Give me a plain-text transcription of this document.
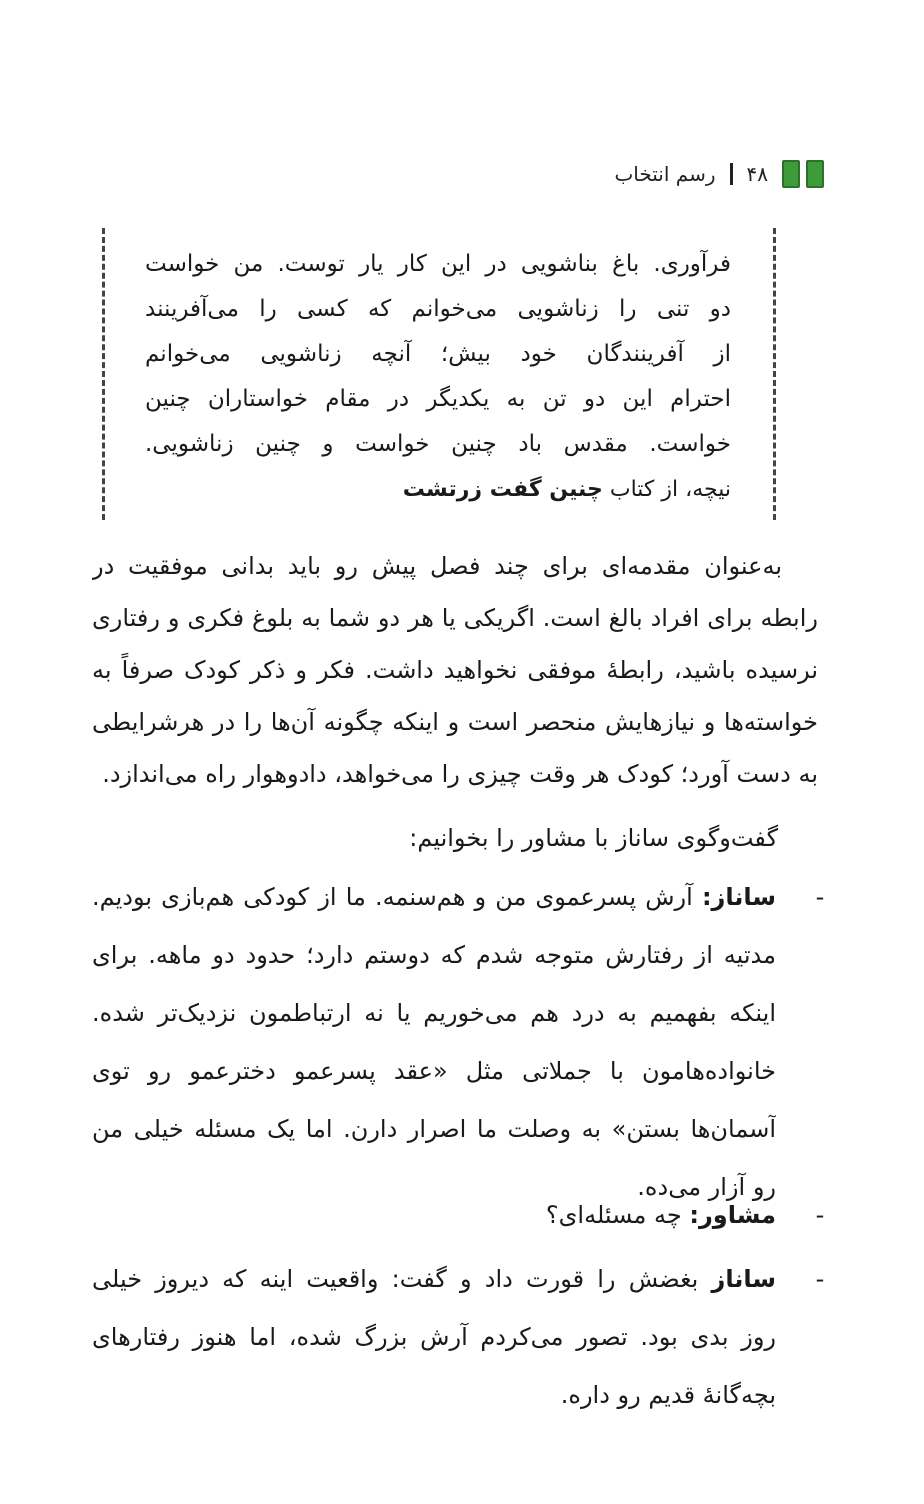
۴۸
رسم انتخاب
فرآوری. باغ بناشویی در این کار یار توست. من خواست
دو تنی را زناشویی می‌خوانم که کسی را می‌آفرینند
از آفرینندگان خود بیش؛ آنچه زناشویی می‌خوانم
احترام این دو تن به یکدیگر در مقام خواستاران چنین
خواست. مقدس باد چنین خواست و چنین زناشویی.
نیچه، از کتاب چنین گفت زرتشت
به‌عنوان مقدمه‌ای برای چند فصل پیش رو باید بدانی موفقیت در
رابطه برای افراد بالغ است. اگریکی یا هر دو شما به بلوغ فکری و رفتاری
نرسیده باشید، رابطهٔ موفقی نخواهید داشت. فکر و ذکر کودک صرفاً به
خواسته‌ها و نیازهایش منحصر است و اینکه چگونه آن‌ها را در هرشرایطی
به دست آورد؛ کودک هر وقت چیزی را می‌خواهد، دادوهوار راه می‌اندازد.
گفت‌وگوی ساناز با مشاور را بخوانیم:
-
ساناز: آرش پسرعموی من و هم‌سنمه. ما از کودکی هم‌بازی بودیم.
مدتیه از رفتارش متوجه شدم که دوستم دارد؛ حدود دو ماهه. برای
اینکه بفهمیم به درد هم می‌خوریم یا نه ارتباطمون نزدیک‌تر شده.
خانواده‌هامون با جملاتی مثل «عقد پسرعمو دخترعمو رو توی
آسمان‌ها بستن» به وصلت ما اصرار دارن. اما یک مسئله خیلی من
رو آزار می‌ده.
-
مشاور: چه مسئله‌ای؟
-
ساناز بغضش را قورت داد و گفت: واقعیت اینه که دیروز خیلی
روز بدی بود. تصور می‌کردم آرش بزرگ شده، اما هنوز رفتارهای
بچه‌گانهٔ قدیم رو داره.
